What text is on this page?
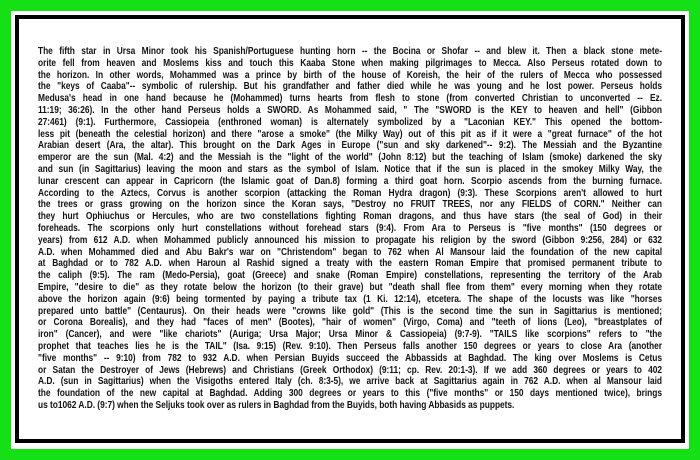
The fifth star in Ursa Minor took his Spanish/Portuguese hunting horn -- the Bocina or Shofar -- and blew it. Then a black stone mete-
orite fell from heaven and Moslems kiss and touch this Kaaba Stone when making pilgrimages to Mecca. Also Perseus rotated down to
the horizon. In other words, Mohammed was a prince by birth of the house of Koreish, the heir of the rulers of Mecca who possessed
the "keys of Caaba"-- symbolic of rulership. But his grandfather and father died while he was young and he lost power. Perseus holds
Medusa's head in one hand because he (Mohammed) turns hearts from flesh to stone (from converted Christian to unconverted -- Ez.
11:19; 36:26). In the other hand Perseus holds a SWORD. As Mohammed said, " The "SWORD is the KEY to heaven and hell" (Gibbon
27:461) (9:1). Furthermore, Cassiopeia (enthroned woman) is alternately symbolized by a "Laconian KEY." This opened the bottom-
less pit (beneath the celestial horizon) and there "arose a smoke" (the Milky Way) out of this pit as if it were a "great furnace" of the hot
Arabian desert (Ara, the altar). This brought on the Dark Ages in Europe ("sun and sky darkened"-- 9:2). The Messiah and the Byzantine
emperor are the sun (Mal. 4:2) and the Messiah is the "light of the world" (John 8:12) but the teaching of Islam (smoke) darkened the sky
and sun (in Sagittarius) leaving the moon and stars as the symbol of Islam. Notice that if the sun is placed in the smokey Milky Way, the
lunar crescent can appear in Capricorn (the Islamic goat of Dan.8) forming a third goat horn. Scorpio ascends from the burning furnace.
According to the Aztecs, Corvus is another scorpion (attacking the Roman Hydra dragon) (9:3). These Scorpions aren't allowed to hurt
the trees or grass growing on the horizon since the Koran says, "Destroy no FRUIT TREES, nor any FIELDS of CORN." Neither can
they hurt Ophiuchus or Hercules, who are two constellations fighting Roman dragons, and thus have stars (the seal of God) in their
foreheads. The scorpions only hurt constellations without forehead stars (9:4). From Ara to Perseus is "five months" (150 degrees or
years) from 612 A.D. when Mohammed publicly announced his mission to propagate his religion by the sword (Gibbon 9:256, 284) or 632
A.D. when Mohammed died and Abu Bakr's war on "Christendom" began to 762 when Al Mansour laid the foundation of the new capital
at Baghdad or to 782 A.D. when Haroun al Rashid signed a treaty with the eastern Roman Empire that promised permanent tribute to
the caliph (9:5). The ram (Medo-Persia), goat (Greece) and snake (Roman Empire) constellations, representing the territory of the Arab
Empire, "desire to die" as they rotate below the horizon (to their grave) but "death shall flee from them" every morning when they rotate
above the horizon again (9:6) being tormented by paying a tribute tax (1 Ki. 12:14), etcetera. The shape of the locusts was like "horses
prepared unto battle" (Centaurus). On their heads were "crowns like gold" (This is the second time the sun in Sagittarius is mentioned;
or Corona Borealis), and they had "faces of men" (Bootes), "hair of women" (Virgo, Coma) and "teeth of lions (Leo), "breastplates of
iron" (Cancer), and were "like chariots" (Auriga; Ursa Major; Ursa Minor & Cassiopeia) (9:7-9). "TAILS like scorpions" refers to "the
prophet that teaches lies he is the TAIL" (Isa. 9:15) (Rev. 9:10). Then Perseus falls another 150 degrees or years to close Ara (another
"five months" -- 9:10) from 782 to 932 A.D. when Persian Buyids succeed the Abbassids at Baghdad. The king over Moslems is Cetus
or Satan the Destroyer of Jews (Hebrews) and Christians (Greek Orthodox) (9:11; cp. Rev. 20:1-3). If we add 360 degrees or years to 402
A.D. (sun in Sagittarius) when the Visigoths entered Italy (ch. 8:3-5), we arrive back at Sagittarius again in 762 A.D. when al Mansour laid
the foundation of the new capital at Baghdad. Adding 300 degrees or years to this ("five months" or 150 days mentioned twice), brings
us to1062 A.D. (9:7) when the Seljuks took over as rulers in Baghdad from the Buyids, both having Abbasids as puppets.
